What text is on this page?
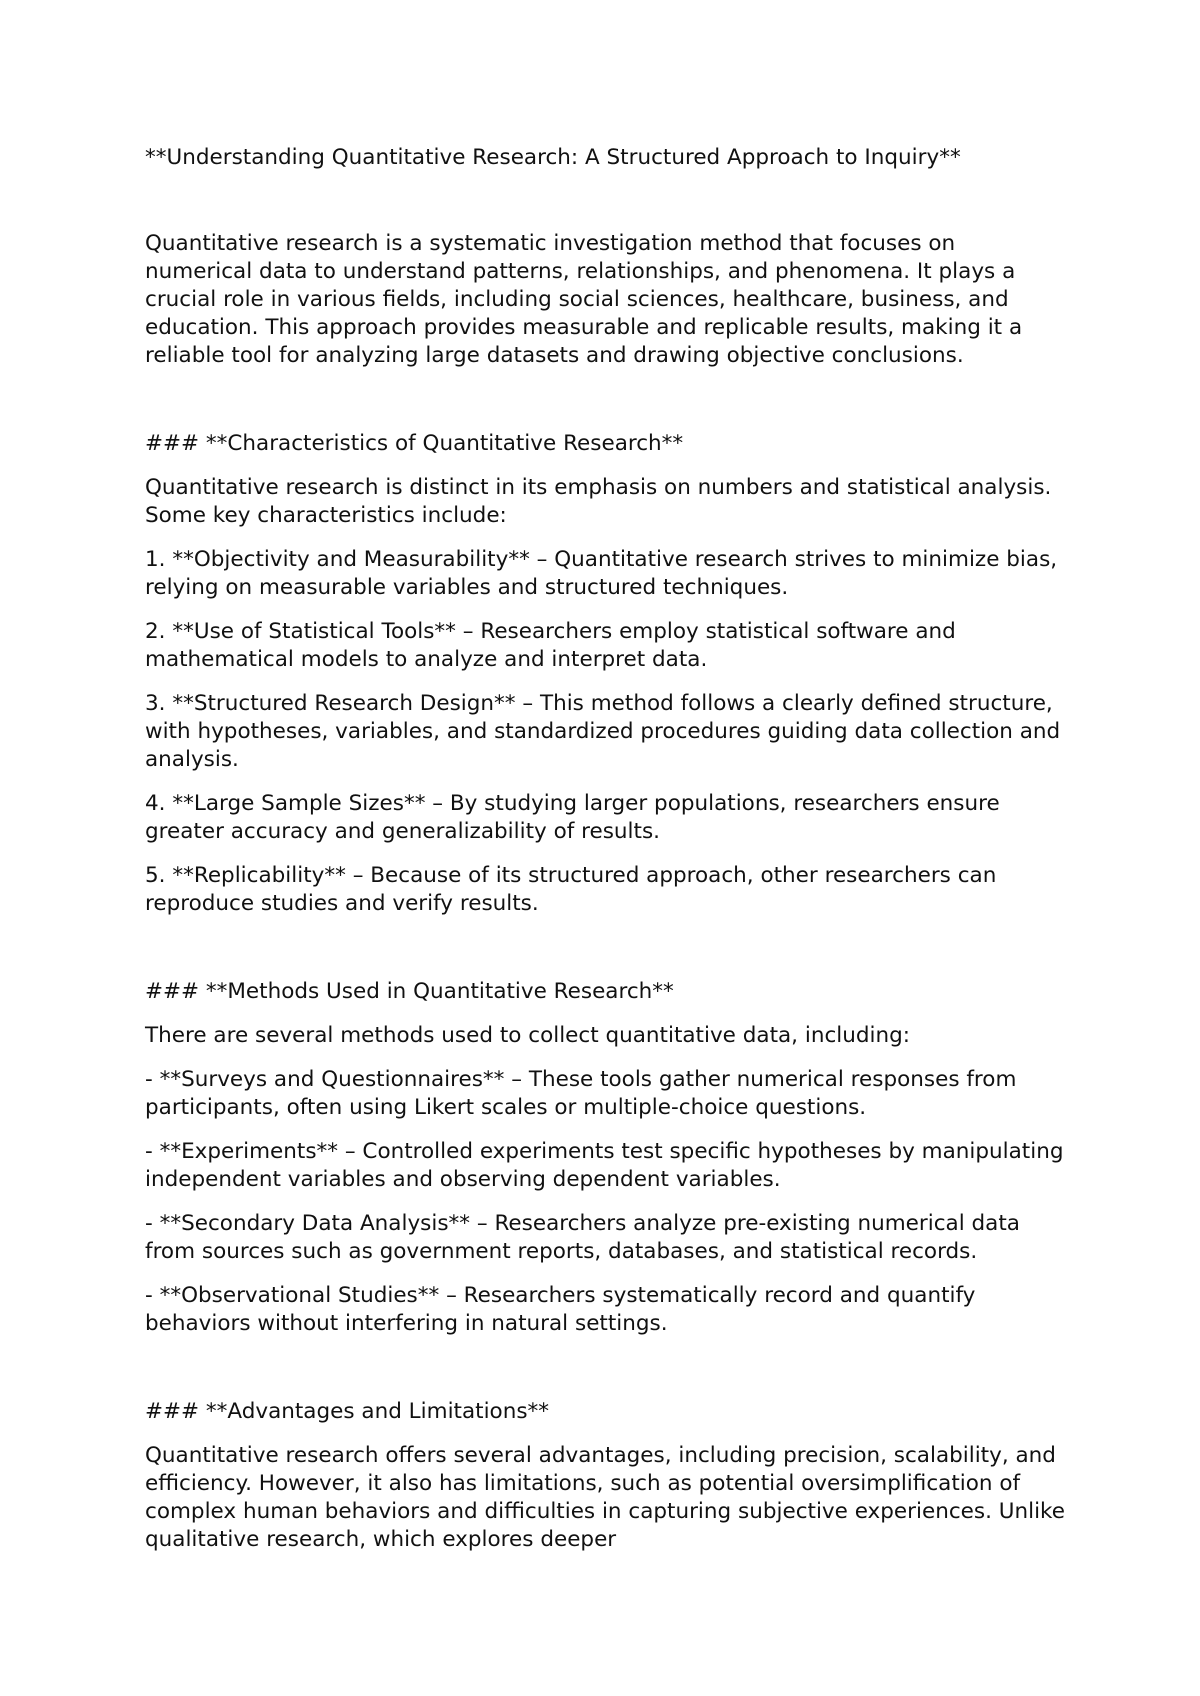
**Understanding Quantitative Research: A Structured Approach to Inquiry**

Quantitative research is a systematic investigation method that focuses on numerical data to understand patterns, relationships, and phenomena. It plays a crucial role in various fields, including social sciences, healthcare, business, and education. This approach provides measurable and replicable results, making it a reliable tool for analyzing large datasets and drawing objective conclusions.

### **Characteristics of Quantitative Research**

Quantitative research is distinct in its emphasis on numbers and statistical analysis. Some key characteristics include:

1. **Objectivity and Measurability** – Quantitative research strives to minimize bias, relying on measurable variables and structured techniques.

2. **Use of Statistical Tools** – Researchers employ statistical software and mathematical models to analyze and interpret data.

3. **Structured Research Design** – This method follows a clearly defined structure, with hypotheses, variables, and standardized procedures guiding data collection and analysis.

4. **Large Sample Sizes** – By studying larger populations, researchers ensure greater accuracy and generalizability of results.

5. **Replicability** – Because of its structured approach, other researchers can reproduce studies and verify results.

### **Methods Used in Quantitative Research**

There are several methods used to collect quantitative data, including:

- **Surveys and Questionnaires** – These tools gather numerical responses from participants, often using Likert scales or multiple-choice questions.

- **Experiments** – Controlled experiments test specific hypotheses by manipulating independent variables and observing dependent variables.

- **Secondary Data Analysis** – Researchers analyze pre-existing numerical data from sources such as government reports, databases, and statistical records.

- **Observational Studies** – Researchers systematically record and quantify behaviors without interfering in natural settings.

### **Advantages and Limitations**

Quantitative research offers several advantages, including precision, scalability, and efficiency. However, it also has limitations, such as potential oversimplification of complex human behaviors and difficulties in capturing subjective experiences. Unlike qualitative research, which explores deeper
